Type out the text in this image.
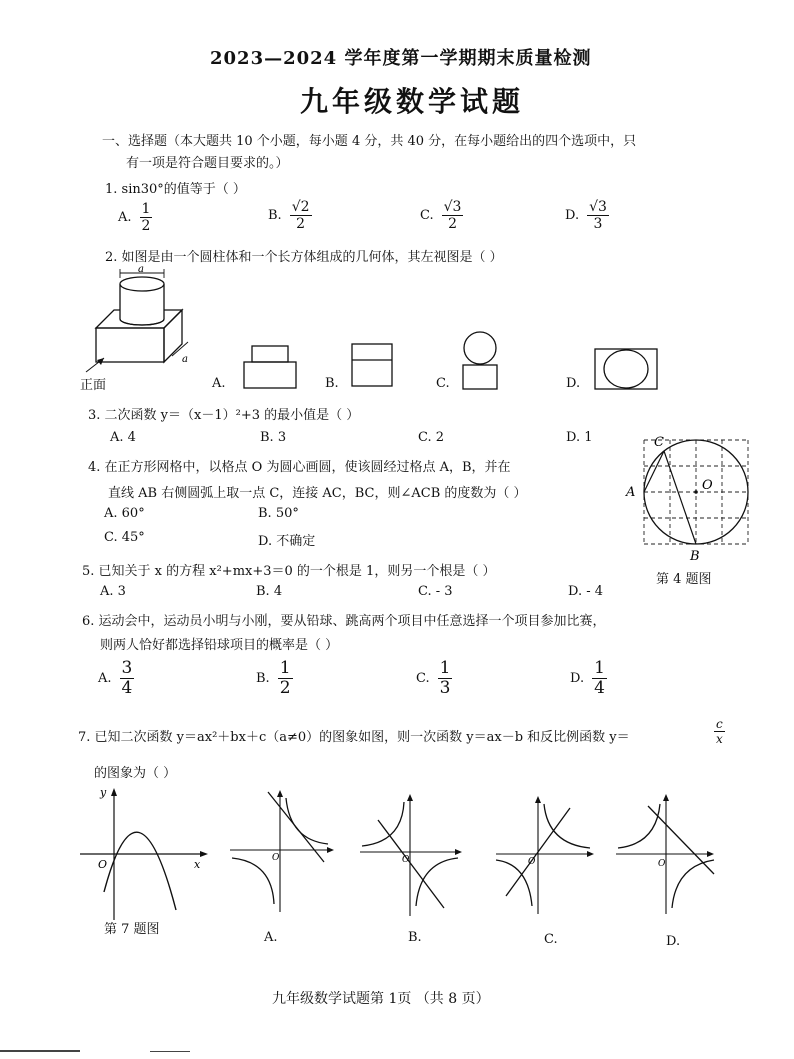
2023—2024 学年度第一学期期末质量检测
九年级数学试题
一、选择题（本大题共 10 个小题，每小题 4 分，共 40 分，在每小题给出的四个选项中，只
有一项是符合题目要求的。）
1. sin30°的值等于（ ）
A. $\frac{1}{2}$	B. $\frac{√2}{2}$	C. $\frac{√3}{2}$	D. $\frac{√3}{3}$
2. 如图是由一个圆柱体和一个长方体组成的几何体，其左视图是（ ）
a
a
正面	A.	B.	C.	D.
3. 二次函数 y＝（x－1）²+3 的最小值是（ ）
A. 4	B. 3	C. 2	D. 1
4. 在正方形网格中，以格点 O 为圆心画圆，使该圆经过格点 A，B，并在
直线 AB 右侧圆弧上取一点 C，连接 AC，BC，则∠ACB 的度数为（ ）
A. 60°	B. 50°
C. 45°	D. 不确定
C
A	O
B
第 4 题图
5. 已知关于 x 的方程 x²+mx+3＝0 的一个根是 1，则另一个根是（ ）
A. 3	B. 4	C. - 3	D. - 4
6. 运动会中，运动员小明与小刚，要从铅球、跳高两个项目中任意选择一个项目参加比赛，
则两人恰好都选择铅球项目的概率是（ ）
A. $\frac{3}{4}$	B. $\frac{1}{2}$	C. $\frac{1}{3}$	D. $\frac{1}{4}$
7. 已知二次函数 y＝ax²＋bx＋c（a≠0）的图象如图，则一次函数 y＝ax－b 和反比例函数 y＝	$\frac{c}{x}$
的图象为（ ）
y
x
O
第 7 题图
O
A.
O
B.
O
C.
O
D.
九年级数学试题第 1页 （共 8 页）
